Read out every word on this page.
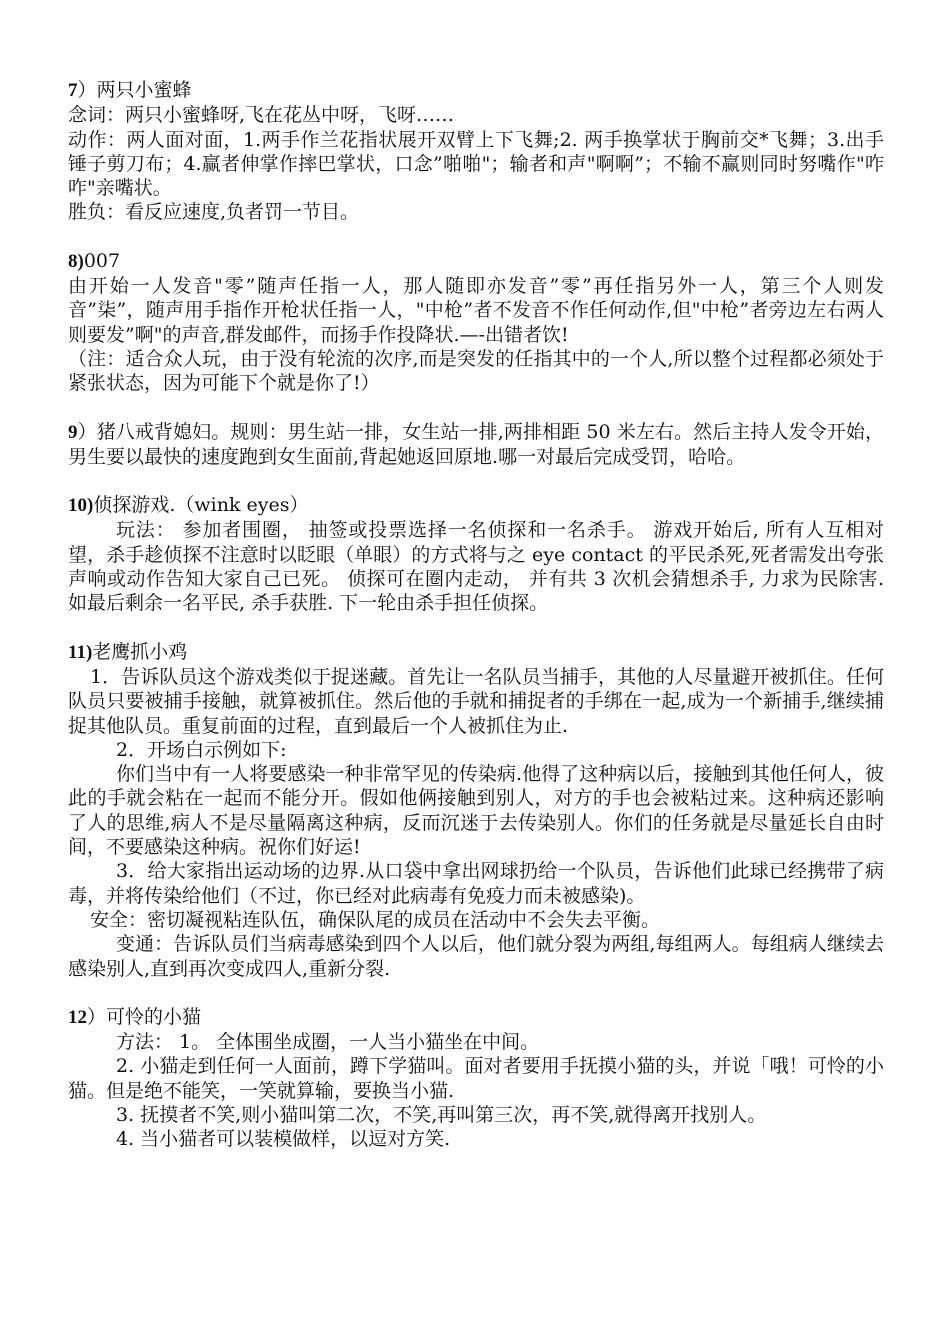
7）两只小蜜蜂

念词：两只小蜜蜂呀,飞在花丛中呀，飞呀……

动作：两人面对面，1.两手作兰花指状展开双臂上下飞舞;2. 两手换掌状于胸前交*飞舞；3.出手锤子剪刀布；4.赢者伸掌作摔巴掌状，口念”啪啪"；输者和声"啊啊”；不输不赢则同时努嘴作"咋咋"亲嘴状。

胜负：看反应速度,负者罚一节目。

8)007

由开始一人发音"零”随声任指一人，那人随即亦发音”零”再任指另外一人，第三个人则发音”柒”，随声用手指作开枪状任指一人，"中枪”者不发音不作任何动作,但"中枪”者旁边左右两人则要发”啊"的声音,群发邮件，而扬手作投降状.—-出错者饮!

（注：适合众人玩，由于没有轮流的次序,而是突发的任指其中的一个人,所以整个过程都必须处于紧张状态，因为可能下个就是你了!）

9）猪八戒背媳妇。规则：男生站一排，女生站一排,两排相距 50 米左右。然后主持人发令开始，男生要以最快的速度跑到女生面前,背起她返回原地.哪一对最后完成受罚，哈哈。

10)侦探游戏.（wink eyes）

玩法： 参加者围圈， 抽签或投票选择一名侦探和一名杀手。 游戏开始后, 所有人互相对望，杀手趁侦探不注意时以眨眼（单眼）的方式将与之 eye contact 的平民杀死,死者需发出夸张声响或动作告知大家自己已死。 侦探可在圈内走动， 并有共 3 次机会猜想杀手, 力求为民除害. 如最后剩余一名平民, 杀手获胜. 下一轮由杀手担任侦探。

11)老鹰抓小鸡

1．告诉队员这个游戏类似于捉迷藏。首先让一名队员当捕手，其他的人尽量避开被抓住。任何队员只要被捕手接触，就算被抓住。然后他的手就和捕捉者的手绑在一起,成为一个新捕手,继续捕捉其他队员。重复前面的过程，直到最后一个人被抓住为止.

2．开场白示例如下:

你们当中有一人将要感染一种非常罕见的传染病.他得了这种病以后，接触到其他任何人，彼此的手就会粘在一起而不能分开。假如他俩接触到别人，对方的手也会被粘过来。这种病还影响了人的思维,病人不是尽量隔离这种病，反而沉迷于去传染别人。你们的任务就是尽量延长自由时间，不要感染这种病。祝你们好运!

3．给大家指出运动场的边界.从口袋中拿出网球扔给一个队员，告诉他们此球已经携带了病毒，并将传染给他们（不过，你已经对此病毒有免疫力而未被感染)。

安全：密切凝视粘连队伍，确保队尾的成员在活动中不会失去平衡。

变通：告诉队员们当病毒感染到四个人以后，他们就分裂为两组,每组两人。每组病人继续去感染别人,直到再次变成四人,重新分裂.

12）可怜的小猫

方法： 1。 全体围坐成圈，一人当小猫坐在中间。

2. 小猫走到任何一人面前，蹲下学猫叫。面对者要用手抚摸小猫的头，并说「哦！可怜的小猫。但是绝不能笑，一笑就算输，要换当小猫.

3. 抚摸者不笑,则小猫叫第二次，不笑,再叫第三次，再不笑,就得离开找别人。

4. 当小猫者可以装模做样，以逗对方笑.
